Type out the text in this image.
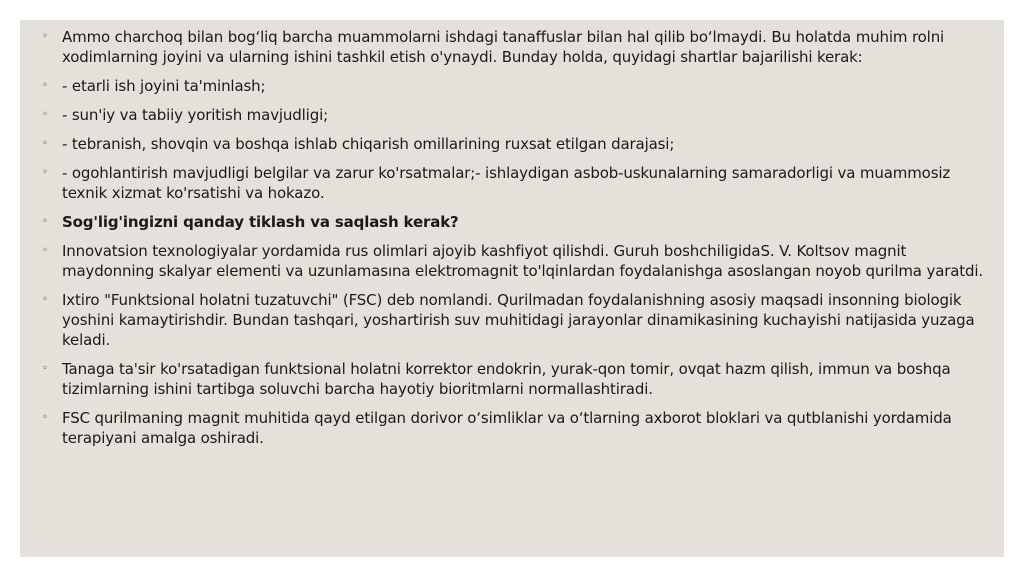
◦ Ammo charchoq bilan bog‘liq barcha muammolarni ishdagi tanaffuslar bilan hal qilib bo‘lmaydi. Bu holatda muhim rolni xodimlarning joyini va ularning ishini tashkil etish o'ynaydi. Bunday holda, quyidagi shartlar bajarilishi kerak:
◦ - etarli ish joyini ta'minlash;
◦ - sun'iy va tabiiy yoritish mavjudligi;
◦ - tebranish, shovqin va boshqa ishlab chiqarish omillarining ruxsat etilgan darajasi;
◦ - ogohlantirish mavjudligi belgilar va zarur ko'rsatmalar;- ishlaydigan asbob-uskunalarning samaradorligi va muammosiz texnik xizmat ko'rsatishi va hokazo.
◦ Sog'lig'ingizni qanday tiklash va saqlash kerak?
◦ Innovatsion texnologiyalar yordamida rus olimlari ajoyib kashfiyot qilishdi. Guruh boshchiligidaS. V. Koltsov magnit maydonning skalyar elementi va uzunlamasına elektromagnit to'lqinlardan foydalanishga asoslangan noyob qurilma yaratdi.
◦ Ixtiro "Funktsional holatni tuzatuvchi" (FSC) deb nomlandi. Qurilmadan foydalanishning asosiy maqsadi insonning biologik yoshini kamaytirishdir. Bundan tashqari, yoshartirish suv muhitidagi jarayonlar dinamikasining kuchayishi natijasida yuzaga keladi.
◦ Tanaga ta'sir ko'rsatadigan funktsional holatni korrektor endokrin, yurak-qon tomir, ovqat hazm qilish, immun va boshqa tizimlarning ishini tartibga soluvchi barcha hayotiy bioritmlarni normallashtiradi.
◦ FSC qurilmaning magnit muhitida qayd etilgan dorivor o‘simliklar va o‘tlarning axborot bloklari va qutblanishi yordamida terapiyani amalga oshiradi.
